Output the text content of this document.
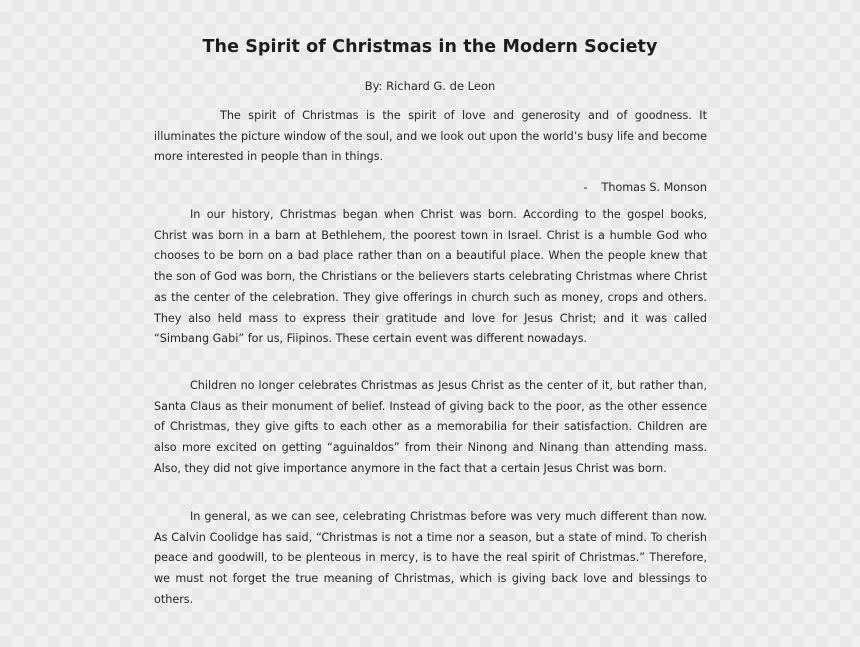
The Spirit of Christmas in the Modern Society
By: Richard G. de Leon
The spirit of Christmas is the spirit of love and generosity and of goodness. It illuminates the picture window of the soul, and we look out upon the world’s busy life and become more interested in people than in things.
- Thomas S. Monson
In our history, Christmas began when Christ was born. According to the gospel books, Christ was born in a barn at Bethlehem, the poorest town in Israel. Christ is a humble God who chooses to be born on a bad place rather than on a beautiful place. When the people knew that the son of God was born, the Christians or the believers starts celebrating Christmas where Christ as the center of the celebration. They give offerings in church such as money, crops and others. They also held mass to express their gratitude and love for Jesus Christ; and it was called “Simbang Gabi” for us, Fiipinos. These certain event was different nowadays.
Children no longer celebrates Christmas as Jesus Christ as the center of it, but rather than, Santa Claus as their monument of belief. Instead of giving back to the poor, as the other essence of Christmas, they give gifts to each other as a memorabilia for their satisfaction. Children are also more excited on getting “aguinaldos” from their Ninong and Ninang than attending mass. Also, they did not give importance anymore in the fact that a certain Jesus Christ was born.
In general, as we can see, celebrating Christmas before was very much different than now. As Calvin Coolidge has said, “Christmas is not a time nor a season, but a state of mind. To cherish peace and goodwill, to be plenteous in mercy, is to have the real spirit of Christmas.” Therefore, we must not forget the true meaning of Christmas, which is giving back love and blessings to others.
